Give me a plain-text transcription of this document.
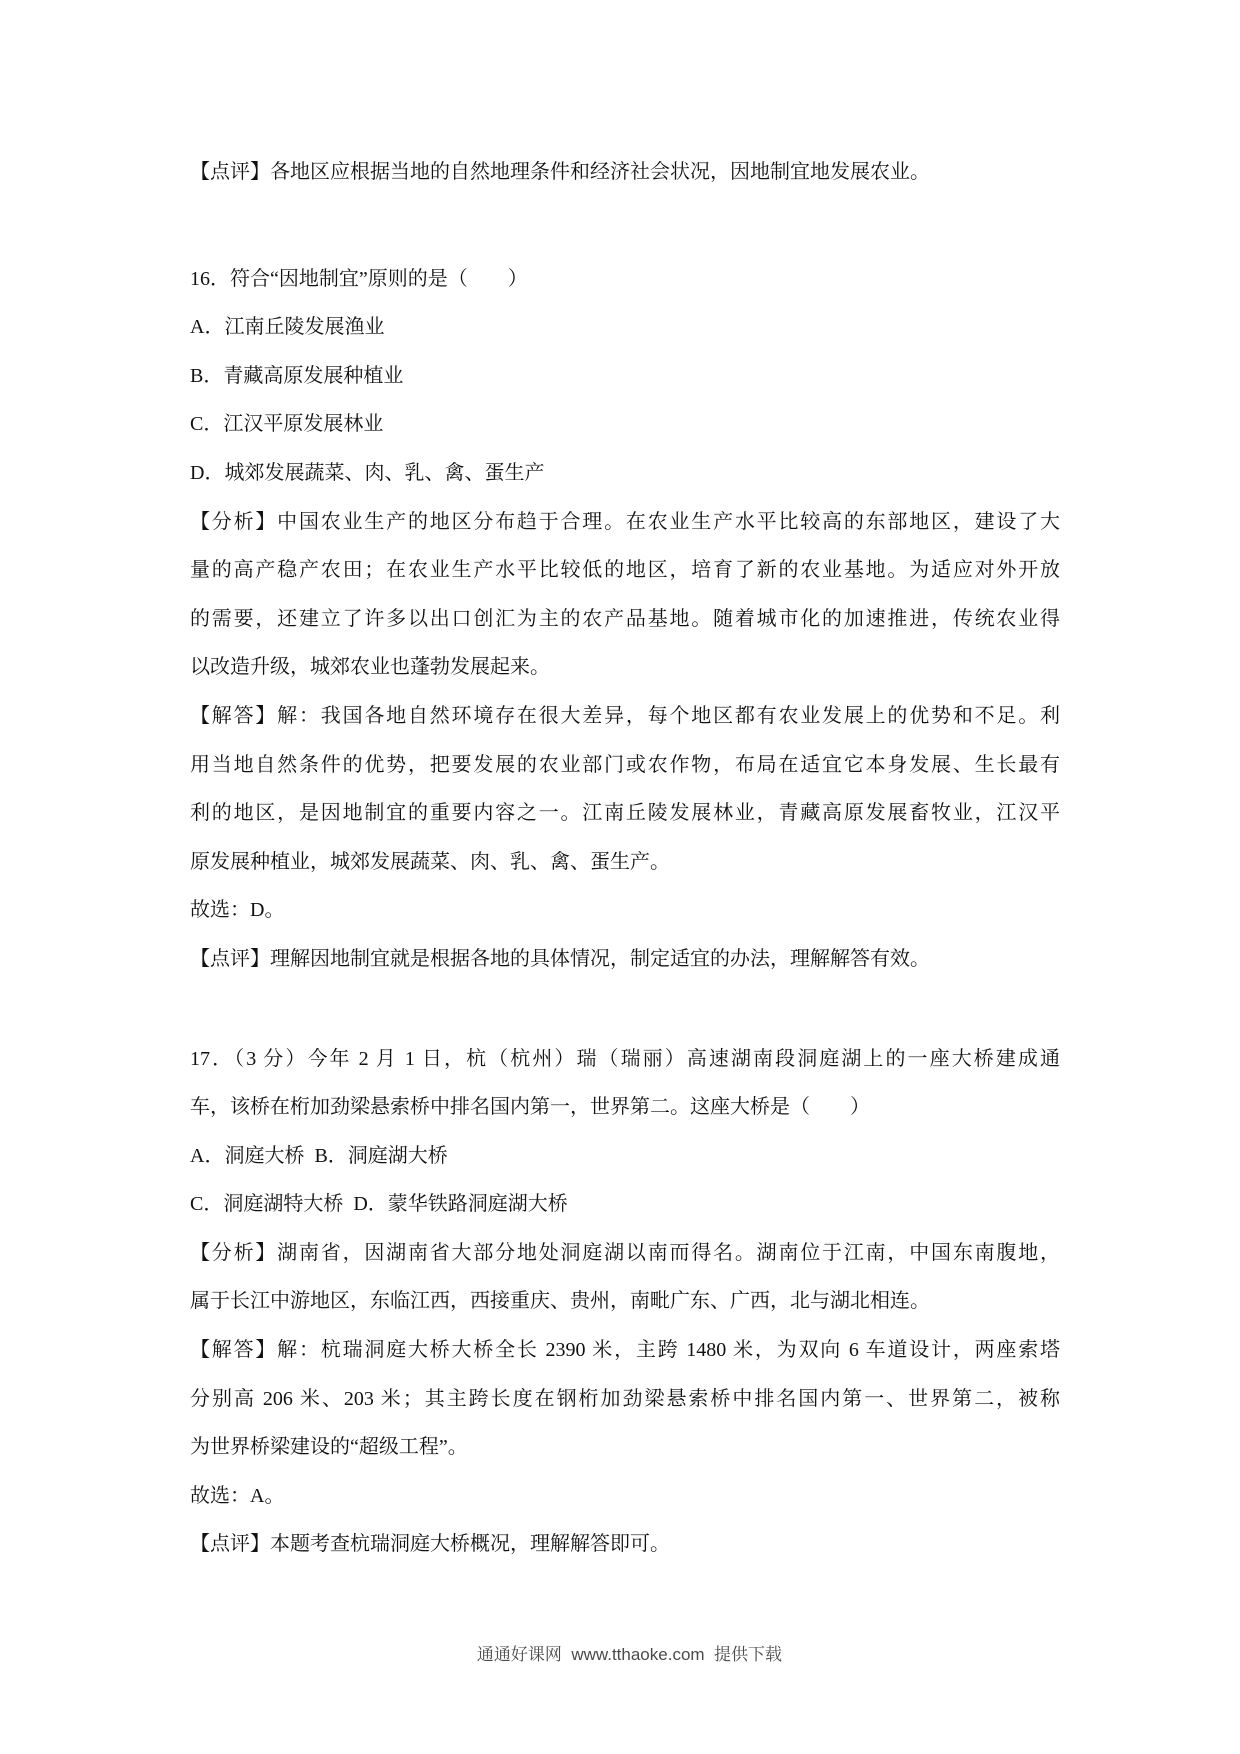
【点评】各地区应根据当地的自然地理条件和经济社会状况，因地制宜地发展农业。

16．符合“因地制宜”原则的是（　　）

A．江南丘陵发展渔业

B．青藏高原发展种植业

C．江汉平原发展林业

D．城郊发展蔬菜、肉、乳、禽、蛋生产

【分析】中国农业生产的地区分布趋于合理。在农业生产水平比较高的东部地区，建设了大

量的高产稳产农田；在农业生产水平比较低的地区，培育了新的农业基地。为适应对外开放

的需要，还建立了许多以出口创汇为主的农产品基地。随着城市化的加速推进，传统农业得

以改造升级，城郊农业也蓬勃发展起来。

【解答】解：我国各地自然环境存在很大差异，每个地区都有农业发展上的优势和不足。利

用当地自然条件的优势，把要发展的农业部门或农作物，布局在适宜它本身发展、生长最有

利的地区，是因地制宜的重要内容之一。江南丘陵发展林业，青藏高原发展畜牧业，江汉平

原发展种植业，城郊发展蔬菜、肉、乳、禽、蛋生产。

故选：D。

【点评】理解因地制宜就是根据各地的具体情况，制定适宜的办法，理解解答有效。

17．（3 分）今年 2 月 1 日，杭（杭州）瑞（瑞丽）高速湖南段洞庭湖上的一座大桥建成通

车，该桥在桁加劲梁悬索桥中排名国内第一，世界第二。这座大桥是（　　）

A．洞庭大桥  B．洞庭湖大桥

C．洞庭湖特大桥  D．蒙华铁路洞庭湖大桥

【分析】湖南省，因湖南省大部分地处洞庭湖以南而得名。湖南位于江南，中国东南腹地，

属于长江中游地区，东临江西，西接重庆、贵州，南毗广东、广西，北与湖北相连。

【解答】解：杭瑞洞庭大桥大桥全长 2390 米，主跨 1480 米，为双向 6 车道设计，两座索塔

分别高 206 米、203 米；其主跨长度在钢桁加劲梁悬索桥中排名国内第一、世界第二，被称

为世界桥梁建设的“超级工程”。

故选：A。

【点评】本题考查杭瑞洞庭大桥概况，理解解答即可。

通通好课网  www.tthaoke.com  提供下载
